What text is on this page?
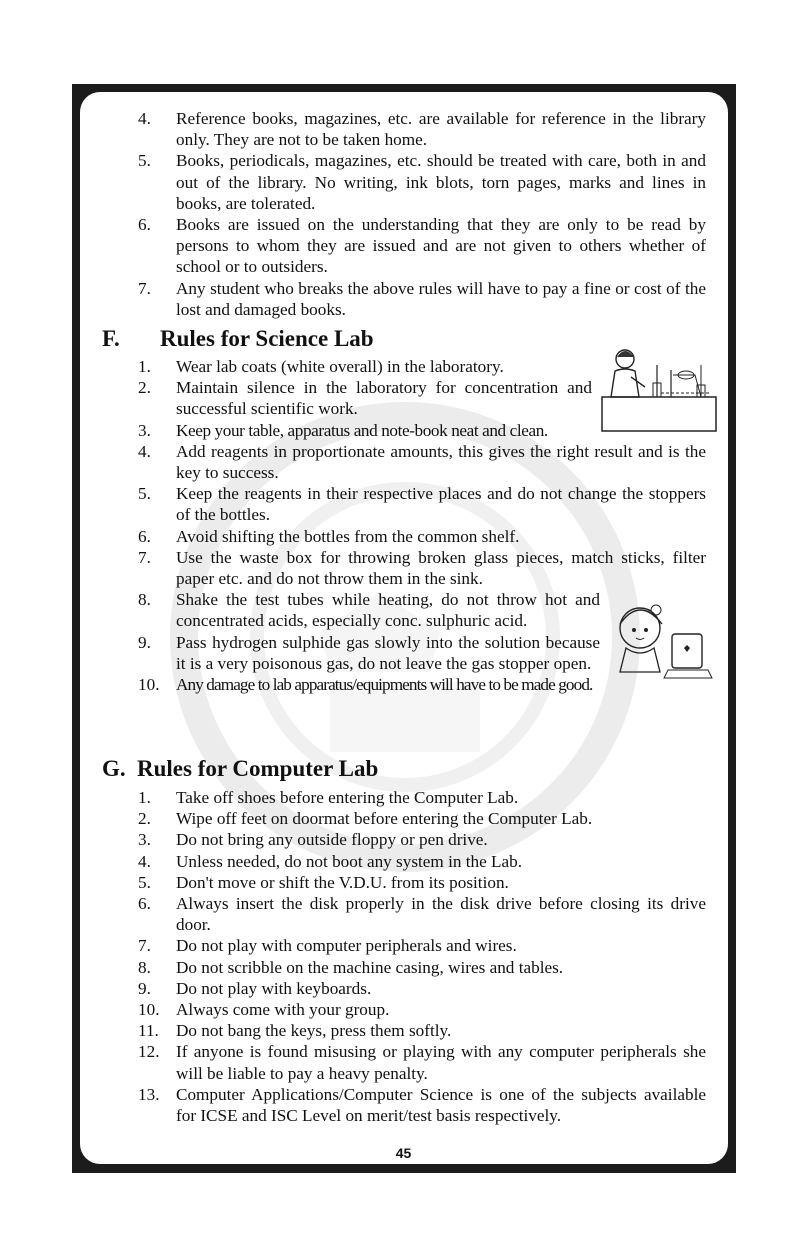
4.	Reference books, magazines, etc. are available for reference in the library only. They are not to be taken home.
5.	Books, periodicals, magazines, etc. should be treated with care, both in and out of the library. No writing, ink blots, torn pages, marks and lines in books, are tolerated.
6.	Books are issued on the understanding that they are only to be read by persons to whom they are issued and are not given to others whether of school or to outsiders.
7.	Any student who breaks the above rules will have to pay a fine or cost of the lost and damaged books.
F. Rules for Science Lab
1.	Wear lab coats (white overall) in the laboratory.
2.	Maintain silence in the laboratory for concentration and successful scientific work.
3.	Keep your table, apparatus and note-book neat and clean.
4.	Add reagents in proportionate amounts, this gives the right result and is the key to success.
5.	Keep the reagents in their respective places and do not change the stoppers of the bottles.
6.	Avoid shifting the bottles from the common shelf.
7.	Use the waste box for throwing broken glass pieces, match sticks, filter paper etc. and do not throw them in the sink.
8.	Shake the test tubes while heating, do not throw hot and concentrated acids, especially conc. sulphuric acid.
9.	Pass hydrogen sulphide gas slowly into the solution because it is a very poisonous gas, do not leave the gas stopper open.
10. Any damage to lab apparatus/equipments will have to be made good.
G. Rules for Computer Lab
1.	Take off shoes before entering the Computer Lab.
2.	Wipe off feet on doormat before entering the Computer Lab.
3.	Do not bring any outside floppy or pen drive.
4.	Unless needed, do not boot any system in the Lab.
5.	Don't move or shift the V.D.U. from its position.
6.	Always insert the disk properly in the disk drive before closing its drive door.
7.	Do not play with computer peripherals and wires.
8.	Do not scribble on the machine casing, wires and tables.
9.	Do not play with keyboards.
10. Always come with your group.
11. Do not bang the keys, press them softly.
12. If anyone is found misusing or playing with any computer peripherals she will be liable to pay a heavy penalty.
13. Computer Applications/Computer Science is one of the subjects available for ICSE and ISC Level on merit/test basis respectively.
45
